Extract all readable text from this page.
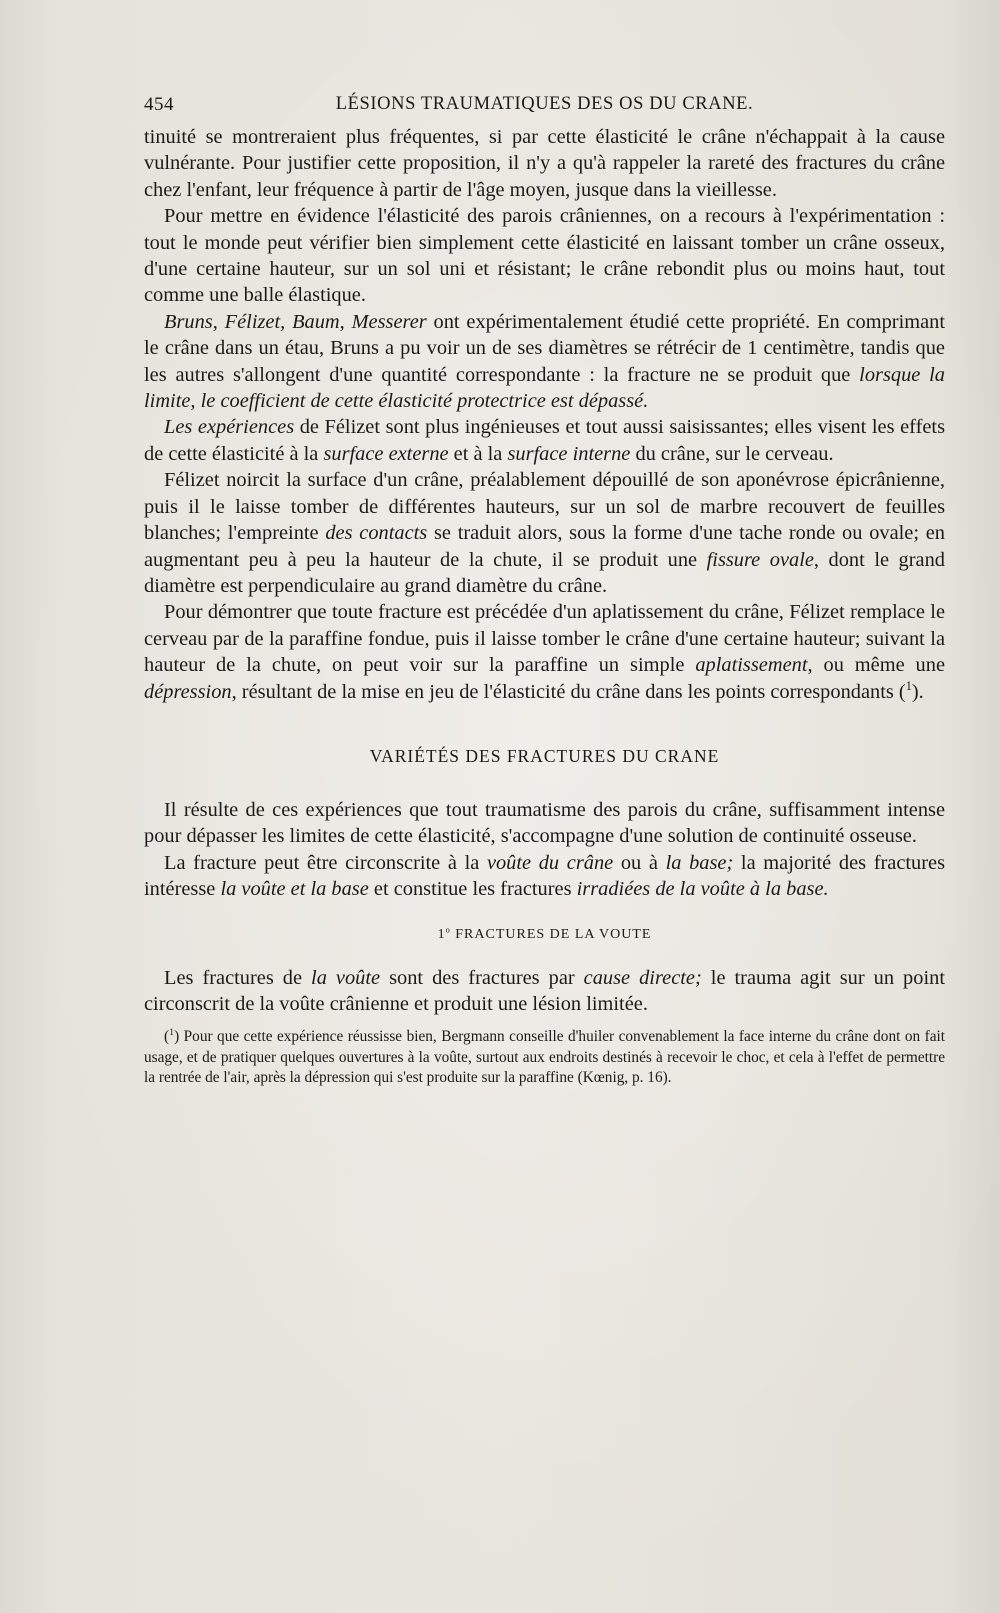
454	LÉSIONS TRAUMATIQUES DES OS DU CRANE.

tinuité se montreraient plus fréquentes, si par cette élasticité le crâne n'échappait à la cause vulnérante. Pour justifier cette proposition, il n'y a qu'à rappeler la rareté des fractures du crâne chez l'enfant, leur fréquence à partir de l'âge moyen, jusque dans la vieillesse.

Pour mettre en évidence l'élasticité des parois crâniennes, on a recours à l'expérimentation : tout le monde peut vérifier bien simplement cette élasticité en laissant tomber un crâne osseux, d'une certaine hauteur, sur un sol uni et résistant; le crâne rebondit plus ou moins haut, tout comme une balle élastique.

Bruns, Félizet, Baum, Messerer ont expérimentalement étudié cette propriété. En comprimant le crâne dans un étau, Bruns a pu voir un de ses diamètres se rétrécir de 1 centimètre, tandis que les autres s'allongent d'une quantité correspondante : la fracture ne se produit que lorsque la limite, le coefficient de cette élasticité protectrice est dépassé.

Les expériences de Félizet sont plus ingénieuses et tout aussi saisissantes; elles visent les effets de cette élasticité à la surface externe et à la surface interne du crâne, sur le cerveau.

Félizet noircit la surface d'un crâne, préalablement dépouillé de son aponévrose épicrânienne, puis il le laisse tomber de différentes hauteurs, sur un sol de marbre recouvert de feuilles blanches; l'empreinte des contacts se traduit alors, sous la forme d'une tache ronde ou ovale; en augmentant peu à peu la hauteur de la chute, il se produit une fissure ovale, dont le grand diamètre est perpendiculaire au grand diamètre du crâne.

Pour démontrer que toute fracture est précédée d'un aplatissement du crâne, Félizet remplace le cerveau par de la paraffine fondue, puis il laisse tomber le crâne d'une certaine hauteur; suivant la hauteur de la chute, on peut voir sur la paraffine un simple aplatissement, ou même une dépression, résultant de la mise en jeu de l'élasticité du crâne dans les points correspondants ($^1$).

VARIÉTÉS DES FRACTURES DU CRANE

Il résulte de ces expériences que tout traumatisme des parois du crâne, suffisamment intense pour dépasser les limites de cette élasticité, s'accompagne d'une solution de continuité osseuse.

La fracture peut être circonscrite à la voûte du crâne ou à la base; la majorité des fractures intéresse la voûte et la base et constitue les fractures irradiées de la voûte à la base.

1$^o$ FRACTURES DE LA VOUTE

Les fractures de la voûte sont des fractures par cause directe; le trauma agit sur un point circonscrit de la voûte crânienne et produit une lésion limitée.

($^1$) Pour que cette expérience réussisse bien, Bergmann conseille d'huiler convenablement la face interne du crâne dont on fait usage, et de pratiquer quelques ouvertures à la voûte, surtout aux endroits destinés à recevoir le choc, et cela à l'effet de permettre la rentrée de l'air, après la dépression qui s'est produite sur la paraffine (Kœnig, p. 16).
